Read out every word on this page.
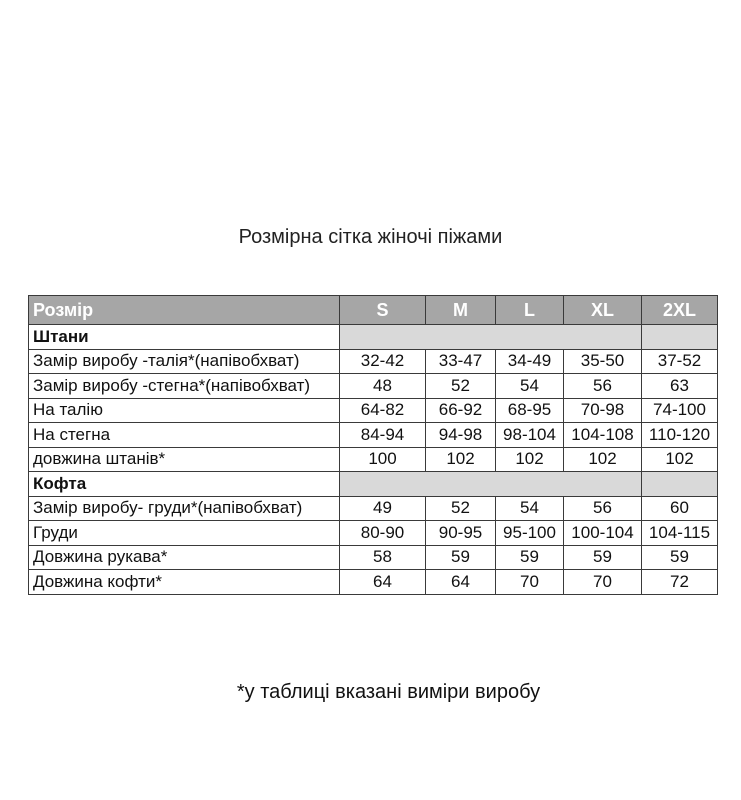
Розмірна сітка жіночі піжами
Розмір	S	M	L	XL	2XL
Штани					
Замір виробу -талія*(напівобхват)	32-42	33-47	34-49	35-50	37-52
Замір виробу -стегна*(напівобхват)	48	52	54	56	63
На талію	64-82	66-92	68-95	70-98	74-100
На стегна	84-94	94-98	98-104	104-108	110-120
довжина штанів*	100	102	102	102	102
Кофта					
Замір виробу- груди*(напівобхват)	49	52	54	56	60
Груди	80-90	90-95	95-100	100-104	104-115
Довжина рукава*	58	59	59	59	59
Довжина кофти*	64	64	70	70	72
*у таблиці вказані виміри виробу
